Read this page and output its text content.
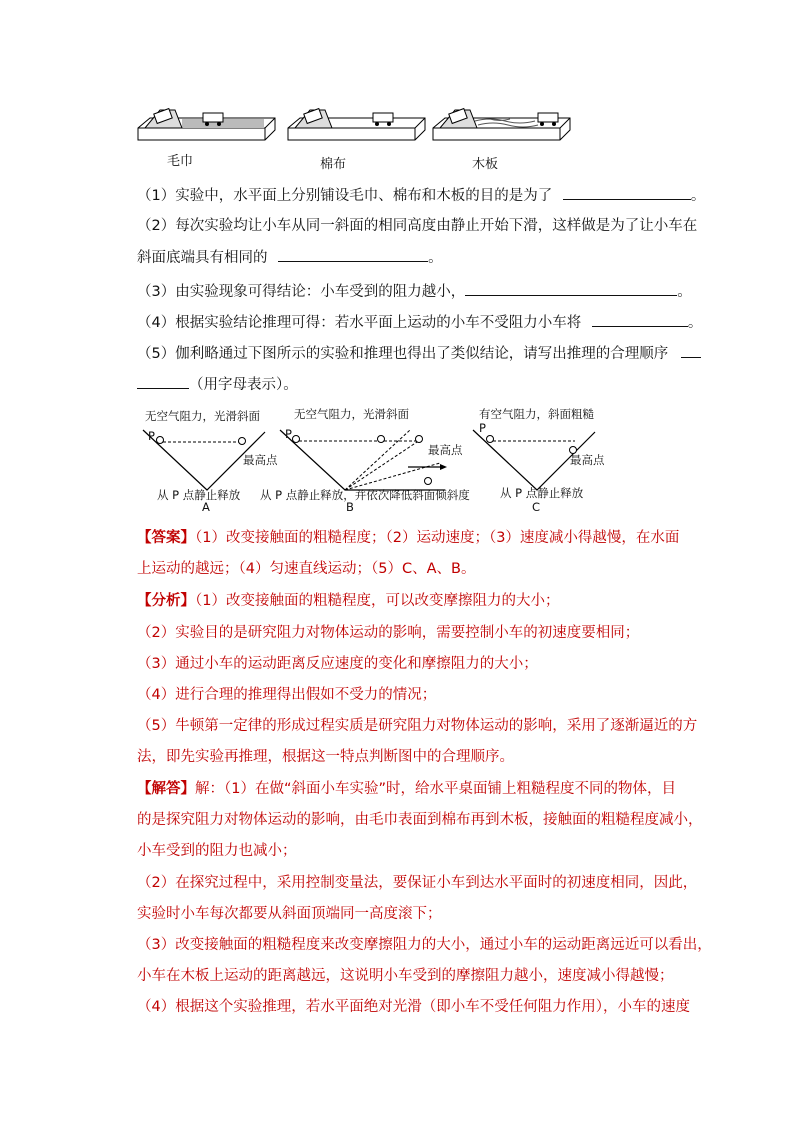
毛巾	棉布	木板
（1）实验中，水平面上分别铺设毛巾、棉布和木板的目的是为了	。
（2）每次实验均让小车从同一斜面的相同高度由静止开始下滑，这样做是为了让小车在
斜面底端具有相同的	。
（3）由实验现象可得结论：小车受到的阻力越小，	。
（4）根据实验结论推理可得：若水平面上运动的小车不受阻力小车将	。
（5）伽利略通过下图所示的实验和推理也得出了类似结论，请写出推理的合理顺序
（用字母表示）。
无空气阻力，光滑斜面
P
最高点
从 P 点静止释放
A
无空气阻力，光滑斜面
P
最高点
从 P 点静止释放，并依次降低斜面倾斜度
B
有空气阻力，斜面粗糙
P
最高点
从 P 点静止释放
C
【答案】（1）改变接触面的粗糙程度；（2）运动速度；（3）速度减小得越慢，在水面
上运动的越远；（4）匀速直线运动；（5）C、A、B。
【分析】（1）改变接触面的粗糙程度，可以改变摩擦阻力的大小；
（2）实验目的是研究阻力对物体运动的影响，需要控制小车的初速度要相同；
（3）通过小车的运动距离反应速度的变化和摩擦阻力的大小；
（4）进行合理的推理得出假如不受力的情况；
（5）牛顿第一定律的形成过程实质是研究阻力对物体运动的影响，采用了逐渐逼近的方
法，即先实验再推理，根据这一特点判断图中的合理顺序。
【解答】解：（1）在做“斜面小车实验”时，给水平桌面铺上粗糙程度不同的物体，目
的是探究阻力对物体运动的影响，由毛巾表面到棉布再到木板，接触面的粗糙程度减小，
小车受到的阻力也减小；
（2）在探究过程中，采用控制变量法，要保证小车到达水平面时的初速度相同，因此，
实验时小车每次都要从斜面顶端同一高度滚下；
（3）改变接触面的粗糙程度来改变摩擦阻力的大小，通过小车的运动距离远近可以看出，
小车在木板上运动的距离越远，这说明小车受到的摩擦阻力越小，速度减小得越慢；
（4）根据这个实验推理，若水平面绝对光滑（即小车不受任何阻力作用），小车的速度
